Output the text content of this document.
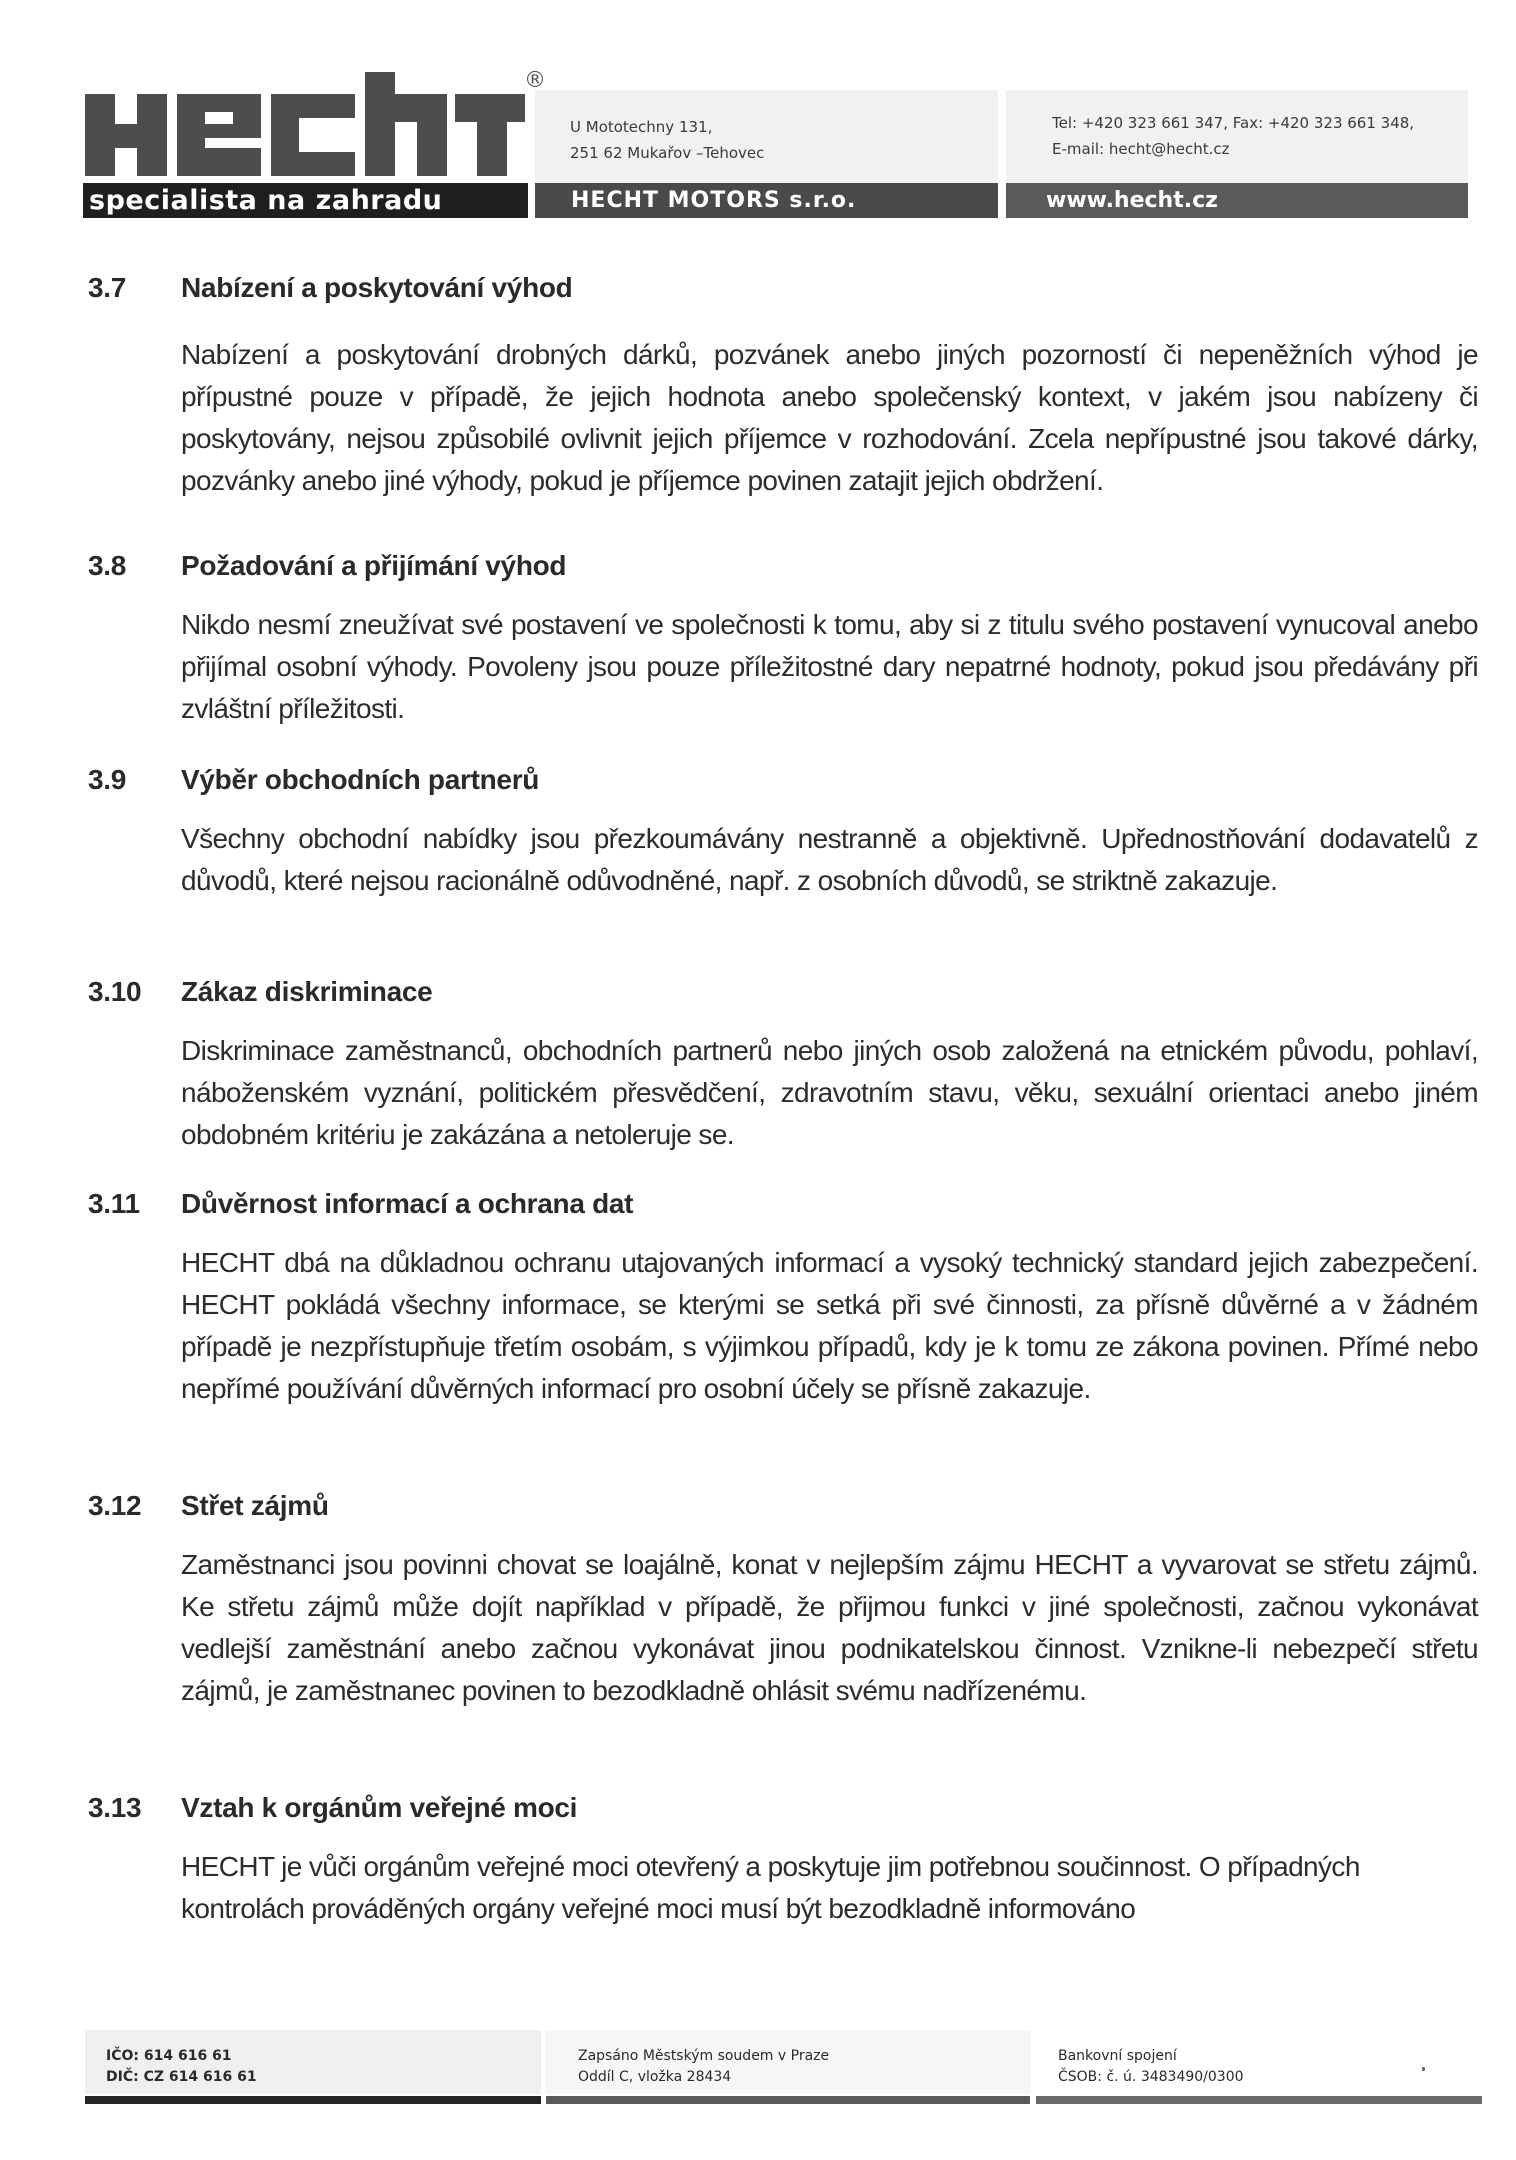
®
U Mototechny 131,
251 62 Mukařov –Tehovec
Tel: +420 323 661 347, Fax: +420 323 661 348,
E-mail: hecht@hecht.cz
specialista na zahradu	HECHT MOTORS s.r.o.	www.hecht.cz
3.7	Nabízení a poskytování výhod
Nabízení a poskytování drobných dárků, pozvánek anebo jiných pozorností či nepeněžních výhod je přípustné pouze v případě, že jejich hodnota anebo společenský kontext, v jakém jsou nabízeny či poskytovány, nejsou způsobilé ovlivnit jejich příjemce v rozhodování. Zcela nepřípustné jsou takové dárky, pozvánky anebo jiné výhody, pokud je příjemce povinen zatajit jejich obdržení.
3.8	Požadování a přijímání výhod
Nikdo nesmí zneužívat své postavení ve společnosti k tomu, aby si z titulu svého postavení vynucoval anebo přijímal osobní výhody. Povoleny jsou pouze příležitostné dary nepatrné hodnoty, pokud jsou předávány při zvláštní příležitosti.
3.9	Výběr obchodních partnerů
Všechny obchodní nabídky jsou přezkoumávány nestranně a objektivně. Upřednostňování dodavatelů z důvodů, které nejsou racionálně odůvodněné, např. z osobních důvodů, se striktně zakazuje.
3.10	Zákaz diskriminace
Diskriminace zaměstnanců, obchodních partnerů nebo jiných osob založená na etnickém původu, pohlaví, náboženském vyznání, politickém přesvědčení, zdravotním stavu, věku, sexuální orientaci anebo jiném obdobném kritériu je zakázána a netoleruje se.
3.11	Důvěrnost informací a ochrana dat
HECHT dbá na důkladnou ochranu utajovaných informací a vysoký technický standard jejich zabezpečení. HECHT pokládá všechny informace, se kterými se setká při své činnosti, za přísně důvěrné a v žádném případě je nezpřístupňuje třetím osobám, s výjimkou případů, kdy je k tomu ze zákona povinen. Přímé nebo nepřímé používání důvěrných informací pro osobní účely se přísně zakazuje.
3.12	Střet zájmů
Zaměstnanci jsou povinni chovat se loajálně, konat v nejlepším zájmu HECHT a vyvarovat se střetu zájmů. Ke střetu zájmů může dojít například v případě, že přijmou funkci v jiné společnosti, začnou vykonávat vedlejší zaměstnání anebo začnou vykonávat jinou podnikatelskou činnost. Vznikne-li nebezpečí střetu zájmů, je zaměstnanec povinen to bezodkladně ohlásit svému nadřízenému.
3.13	Vztah k orgánům veřejné moci
HECHT je vůči orgánům veřejné moci otevřený a poskytuje jim potřebnou součinnost. O případných kontrolách prováděných orgány veřejné moci musí být bezodkladně informováno
IČO: 614 616 61
DIČ: CZ 614 616 61
Zapsáno Městským soudem v Praze
Oddíl C, vložka 28434
Bankovní spojení
ČSOB: č. ú. 3483490/0300
